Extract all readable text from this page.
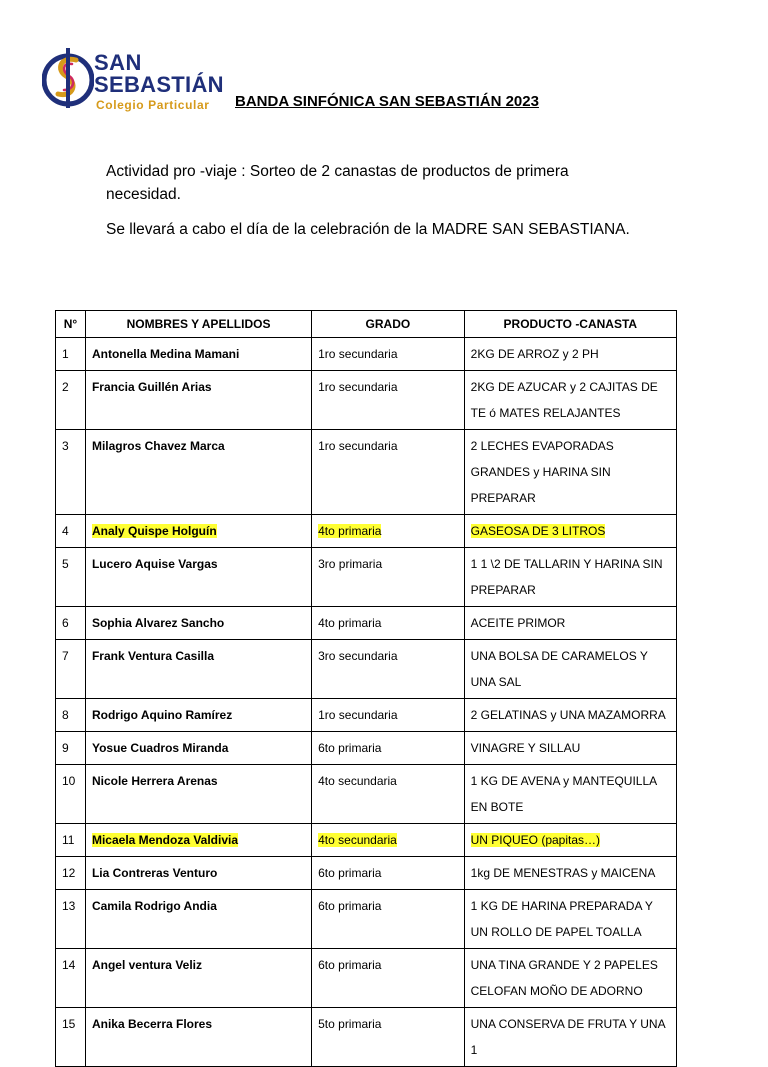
SAN
SEBASTIÁN
Colegio Particular BANDA SINFÓNICA SAN SEBASTIÁN 2023
Actividad pro -viaje : Sorteo de 2 canastas de productos de primera necesidad.
Se llevará a cabo el día de la celebración de la MADRE SAN SEBASTIANA.
N°	NOMBRES Y APELLIDOS	GRADO	PRODUCTO -CANASTA
1	Antonella Medina Mamani	1ro secundaria	2KG DE ARROZ y 2 PH
2	Francia Guillén Arias	1ro secundaria	2KG DE AZUCAR y 2 CAJITAS DE TE ó MATES RELAJANTES
3	Milagros Chavez Marca	1ro secundaria	2 LECHES EVAPORADAS GRANDES y HARINA SIN PREPARAR
4	Analy Quispe Holguín	4to primaria	GASEOSA DE 3 LITROS
5	Lucero Aquise Vargas	3ro primaria	1 1 \2 DE TALLARIN Y HARINA SIN PREPARAR
6	Sophia Alvarez Sancho	4to primaria	ACEITE PRIMOR
7	Frank Ventura Casilla	3ro secundaria	UNA BOLSA DE CARAMELOS Y UNA SAL
8	Rodrigo Aquino Ramírez	1ro secundaria	2 GELATINAS y UNA MAZAMORRA
9	Yosue Cuadros Miranda	6to primaria	VINAGRE Y SILLAU
10	Nicole Herrera Arenas	4to secundaria	1 KG DE AVENA y MANTEQUILLA EN BOTE
11	Micaela Mendoza Valdivia	4to secundaria	UN PIQUEO (papitas…)
12	Lia Contreras Venturo	6to primaria	1kg DE MENESTRAS y MAICENA
13	Camila Rodrigo Andia	6to primaria	1 KG DE HARINA PREPARADA Y UN ROLLO DE PAPEL TOALLA
14	Angel ventura Veliz	6to primaria	UNA TINA GRANDE Y 2 PAPELES CELOFAN MOÑO DE ADORNO
15	Anika Becerra Flores	5to primaria	UNA CONSERVA DE FRUTA Y UNA 1
